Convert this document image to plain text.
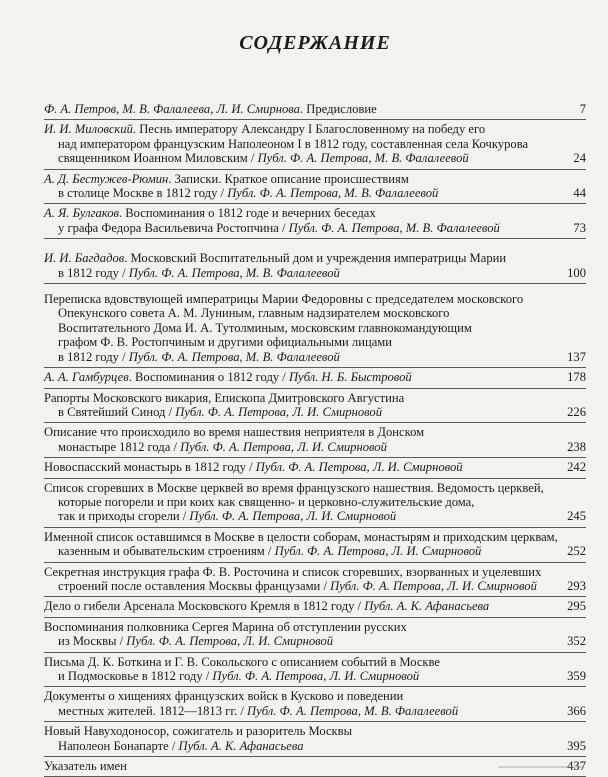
СОДЕРЖАНИЕ
Ф. А. Петров, М. В. Фалалеева, Л. И. Смирнова. Предисловие	7
И. И. Миловский. Песнь императору Александру I Благословенному на победу его
над императором французским Наполеоном I в 1812 году, составленная села Кочкурова
священником Иоанном Миловским / Публ. Ф. А. Петрова, М. В. Фалалеевой	24
А. Д. Бестужев-Рюмин. Записки. Краткое описание происшествиям
в столице Москве в 1812 году / Публ. Ф. А. Петрова, М. В. Фалалеевой	44
А. Я. Булгаков. Воспоминания о 1812 годе и вечерних беседах
у графа Федора Васильевича Ростопчина / Публ. Ф. А. Петрова, М. В. Фалалеевой	73
И. И. Багдадов. Московский Воспитательный дом и учреждения императрицы Марии
в 1812 году / Публ. Ф. А. Петрова, М. В. Фалалеевой	100
Переписка вдовствующей императрицы Марии Федоровны с председателем московского
Опекунского совета А. М. Луниным, главным надзирателем московского
Воспитательного Дома И. А. Тутолминым, московским главнокомандующим
графом Ф. В. Ростопчиным и другими официальными лицами
в 1812 году / Публ. Ф. А. Петрова, М. В. Фалалеевой	137
А. А. Гамбурцев. Воспоминания о 1812 году / Публ. Н. Б. Быстровой	178
Рапорты Московского викария, Епископа Дмитровского Августина
в Святейший Синод / Публ. Ф. А. Петрова, Л. И. Смирновой	226
Описание что происходило во время нашествия неприятеля в Донском
монастыре 1812 года / Публ. Ф. А. Петрова, Л. И. Смирновой	238
Новоспасский монастырь в 1812 году / Публ. Ф. А. Петрова, Л. И. Смирновой	242
Список сгоревших в Москве церквей во время французского нашествия. Ведомость церквей,
которые погорели и при коих как священно- и церковно-служительские дома,
так и приходы сгорели / Публ. Ф. А. Петрова, Л. И. Смирновой	245
Именной список оставшимся в Москве в целости соборам, монастырям и приходским церквам,
казенным и обывательским строениям / Публ. Ф. А. Петрова, Л. И. Смирновой	252
Секретная инструкция графа Ф. В. Росточина и список сгоревших, взорванных и уцелевших
строений после оставления Москвы французами / Публ. Ф. А. Петрова, Л. И. Смирновой	293
Дело о гибели Арсенала Московского Кремля в 1812 году / Публ. А. К. Афанасьева	295
Воспоминания полковника Сергея Марина об отступлении русских
из Москвы / Публ. Ф. А. Петрова, Л. И. Смирновой	352
Письма Д. К. Боткина и Г. В. Сокольского с описанием событий в Москве
и Подмосковье в 1812 году / Публ. Ф. А. Петрова, Л. И. Смирновой	359
Документы о хищениях французских войск в Кусково и поведении
местных жителей. 1812—1813 гг. / Публ. Ф. А. Петрова, М. В. Фалалеевой	366
Новый Навуходоносор, сожигатель и разоритель Москвы
Наполеон Бонапарте / Публ. А. К. Афанасьева	395
Указатель имен	437
